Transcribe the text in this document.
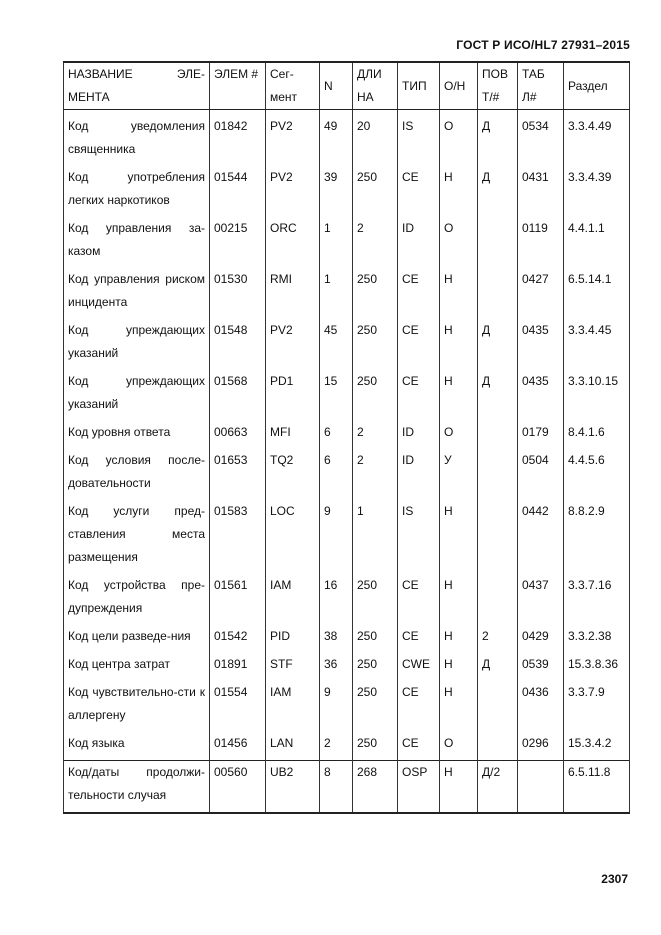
ГОСТ Р ИСО/HL7 27931–2015
НАЗВАНИЕ ЭЛЕ-МЕНТА	ЭЛЕМ #	Сег-мент	N	ДЛИ НА	ТИП	О/Н	ПОВ Т/#	ТАБ Л#	Раздел
Код уведомления священника	01842	PV2	49	20	IS	О	Д	0534	3.3.4.49
Код употребления легких наркотиков	01544	PV2	39	250	CE	Н	Д	0431	3.3.4.39
Код управления за-казом	00215	ORC	1	2	ID	О		0119	4.4.1.1
Код управления риском инцидента	01530	RMI	1	250	CE	Н		0427	6.5.14.1
Код упреждающих указаний	01548	PV2	45	250	CE	Н	Д	0435	3.3.4.45
Код упреждающих указаний	01568	PD1	15	250	CE	Н	Д	0435	3.3.10.15
Код уровня ответа	00663	MFI	6	2	ID	О		0179	8.4.1.6
Код условия после-довательности	01653	TQ2	6	2	ID	У		0504	4.4.5.6
Код услуги пред-ставления места размещения	01583	LOC	9	1	IS	Н		0442	8.8.2.9
Код устройства пре-дупреждения	01561	IAM	16	250	CE	Н		0437	3.3.7.16
Код цели разведе-ния	01542	PID	38	250	CE	Н	2	0429	3.3.2.38
Код центра затрат	01891	STF	36	250	CWE	Н	Д	0539	15.3.8.36
Код чувствительно-сти к аллергену	01554	IAM	9	250	CE	Н		0436	3.3.7.9
Код языка	01456	LAN	2	250	CE	О		0296	15.3.4.2
Код/даты продолжи-тельности случая	00560	UB2	8	268	OSP	Н	Д/2		6.5.11.8
2307
